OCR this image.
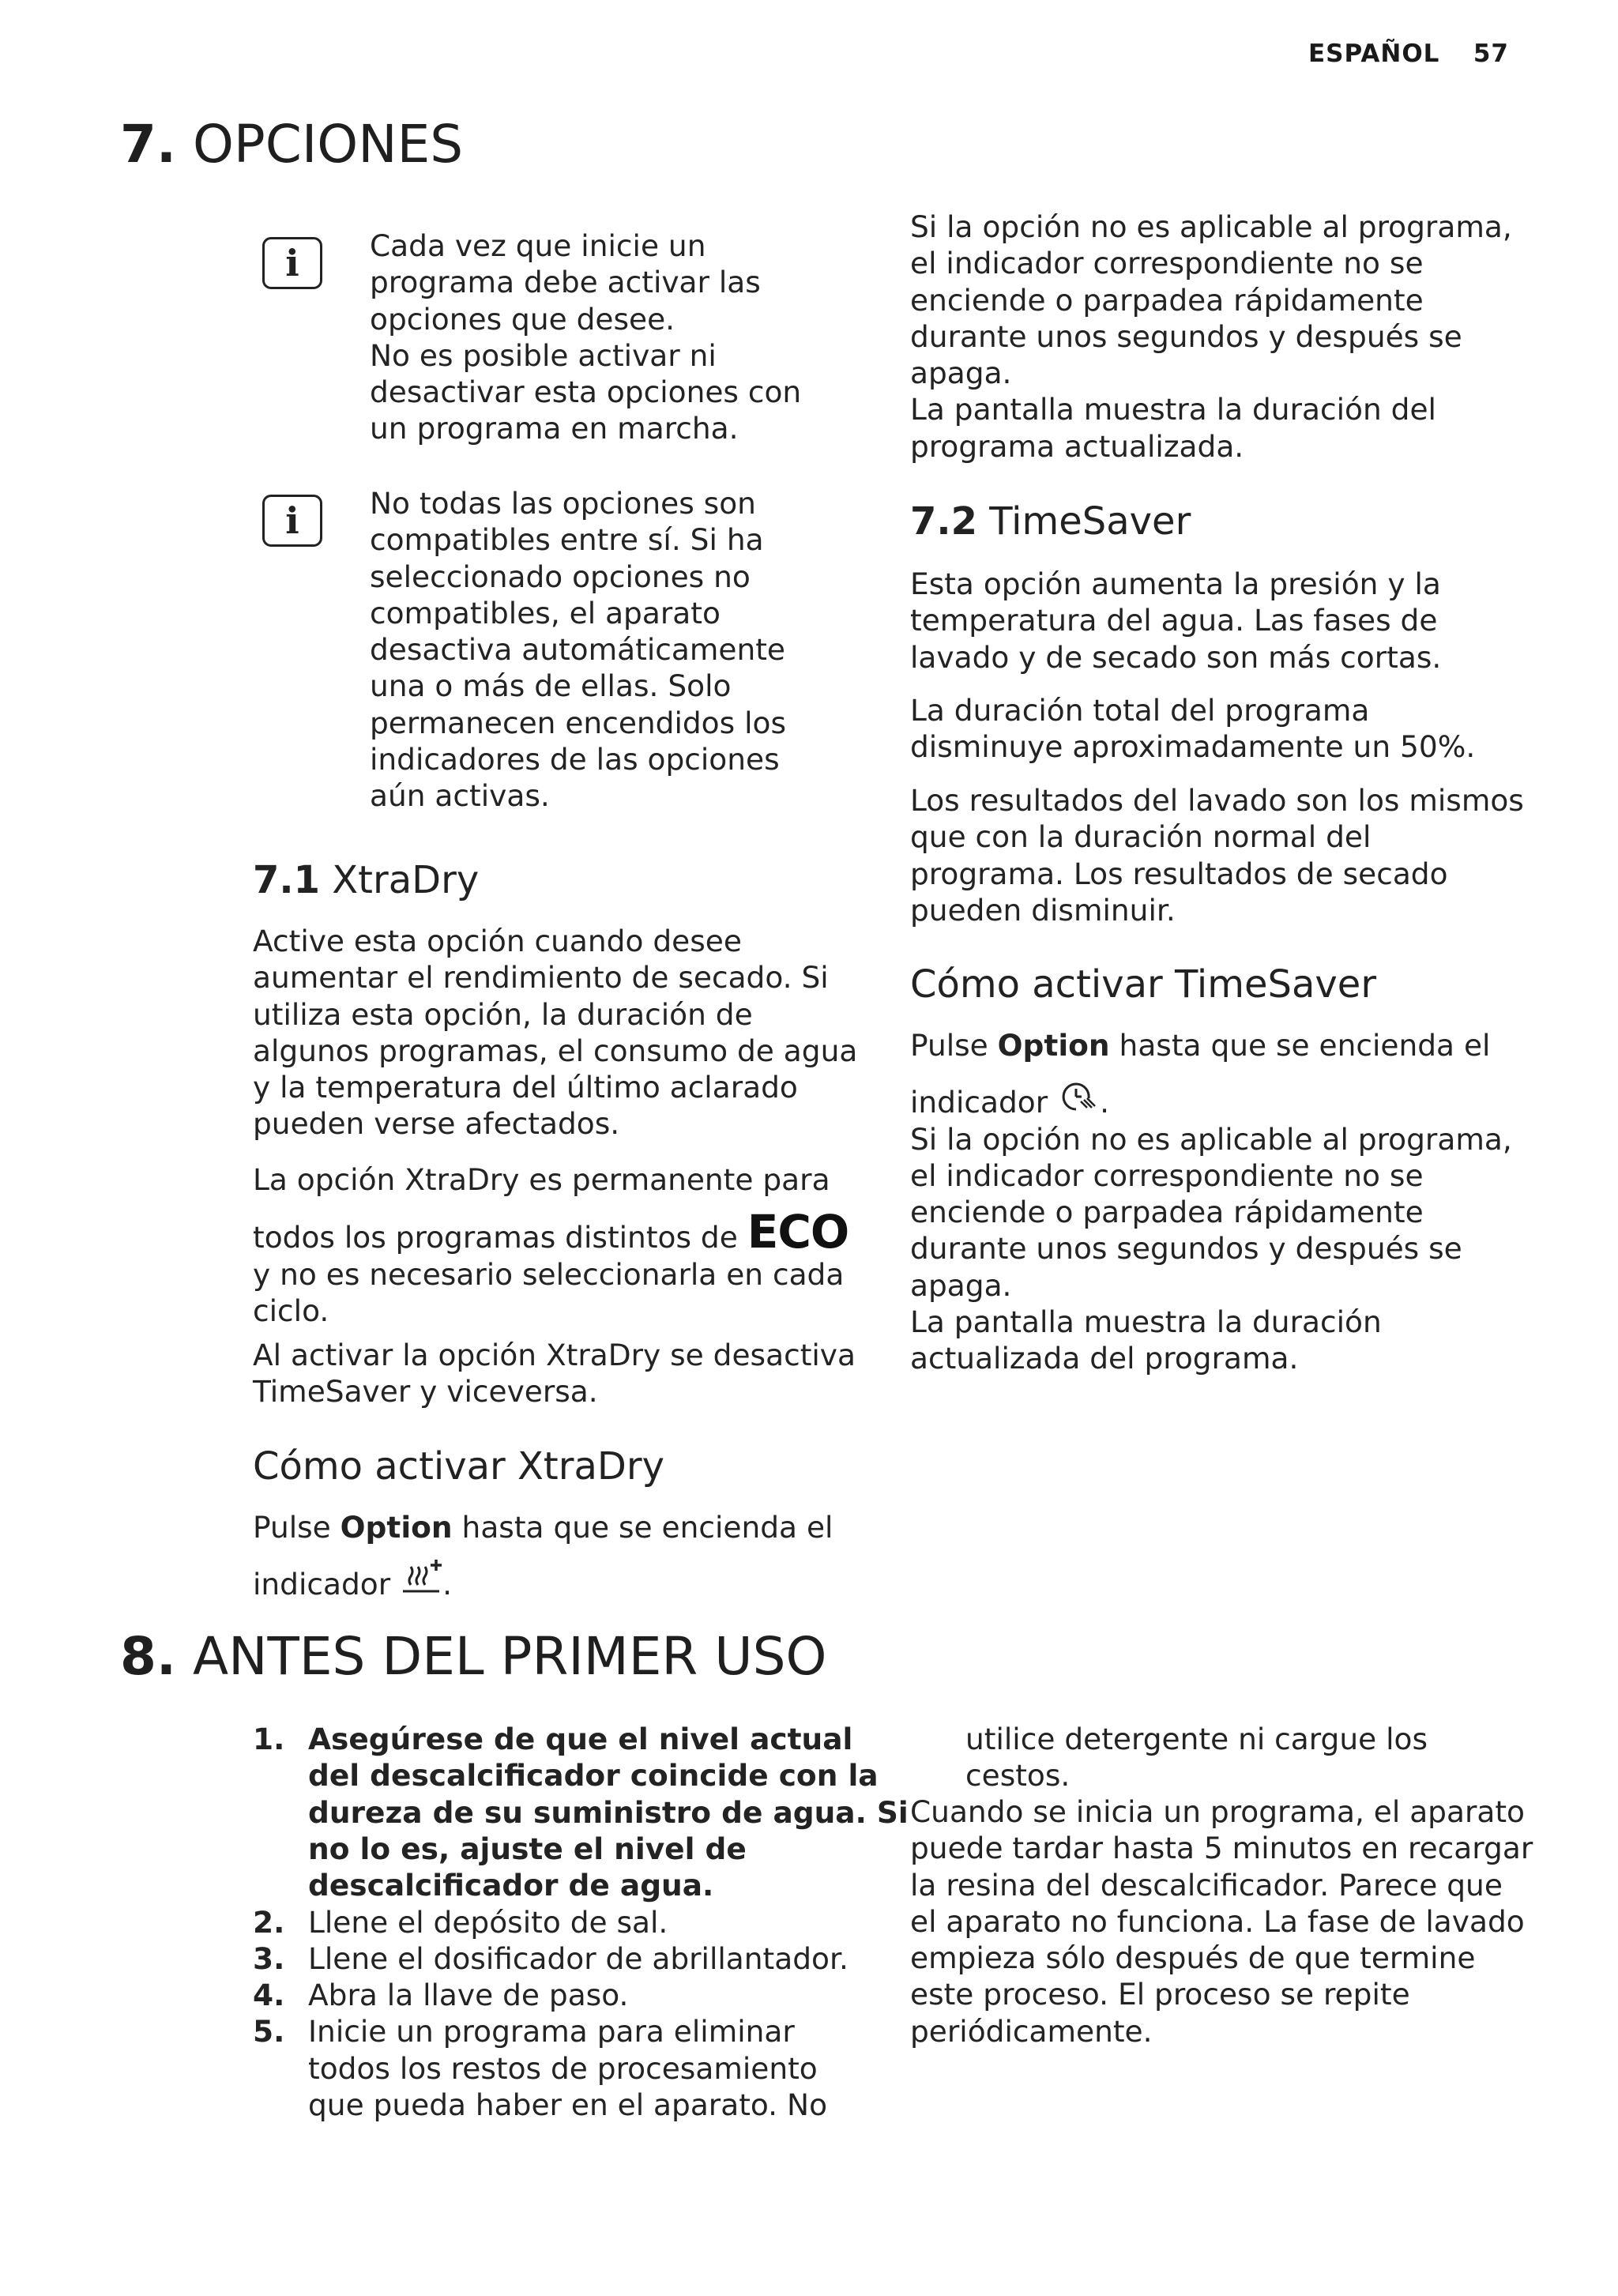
ESPAÑOL 57
7. OPCIONES
i	Cada vez que inicie un
programa debe activar las
opciones que desee.
No es posible activar ni
desactivar esta opciones con
un programa en marcha.
i	No todas las opciones son
compatibles entre sí. Si ha
seleccionado opciones no
compatibles, el aparato
desactiva automáticamente
una o más de ellas. Solo
permanecen encendidos los
indicadores de las opciones
aún activas.
7.1 XtraDry
Active esta opción cuando desee
aumentar el rendimiento de secado. Si
utiliza esta opción, la duración de
algunos programas, el consumo de agua
y la temperatura del último aclarado
pueden verse afectados.
La opción XtraDry es permanente para
todos los programas distintos de ECO
y no es necesario seleccionarla en cada
ciclo.
Al activar la opción XtraDry se desactiva
TimeSaver y viceversa.
Cómo activar XtraDry
Pulse Option hasta que se encienda el
indicador .
Si la opción no es aplicable al programa,
el indicador correspondiente no se
enciende o parpadea rápidamente
durante unos segundos y después se
apaga.
La pantalla muestra la duración del
programa actualizada.
7.2 TimeSaver
Esta opción aumenta la presión y la
temperatura del agua. Las fases de
lavado y de secado son más cortas.
La duración total del programa
disminuye aproximadamente un 50%.
Los resultados del lavado son los mismos
que con la duración normal del
programa. Los resultados de secado
pueden disminuir.
Cómo activar TimeSaver
Pulse Option hasta que se encienda el
indicador .
Si la opción no es aplicable al programa,
el indicador correspondiente no se
enciende o parpadea rápidamente
durante unos segundos y después se
apaga.
La pantalla muestra la duración
actualizada del programa.
8. ANTES DEL PRIMER USO
1. Asegúrese de que el nivel actual
del descalcificador coincide con la
dureza de su suministro de agua. Si
no lo es, ajuste el nivel de
descalcificador de agua.
2. Llene el depósito de sal.
3. Llene el dosificador de abrillantador.
4. Abra la llave de paso.
5. Inicie un programa para eliminar
todos los restos de procesamiento
que pueda haber en el aparato. No
utilice detergente ni cargue los
cestos.
Cuando se inicia un programa, el aparato
puede tardar hasta 5 minutos en recargar
la resina del descalcificador. Parece que
el aparato no funciona. La fase de lavado
empieza sólo después de que termine
este proceso. El proceso se repite
periódicamente.
